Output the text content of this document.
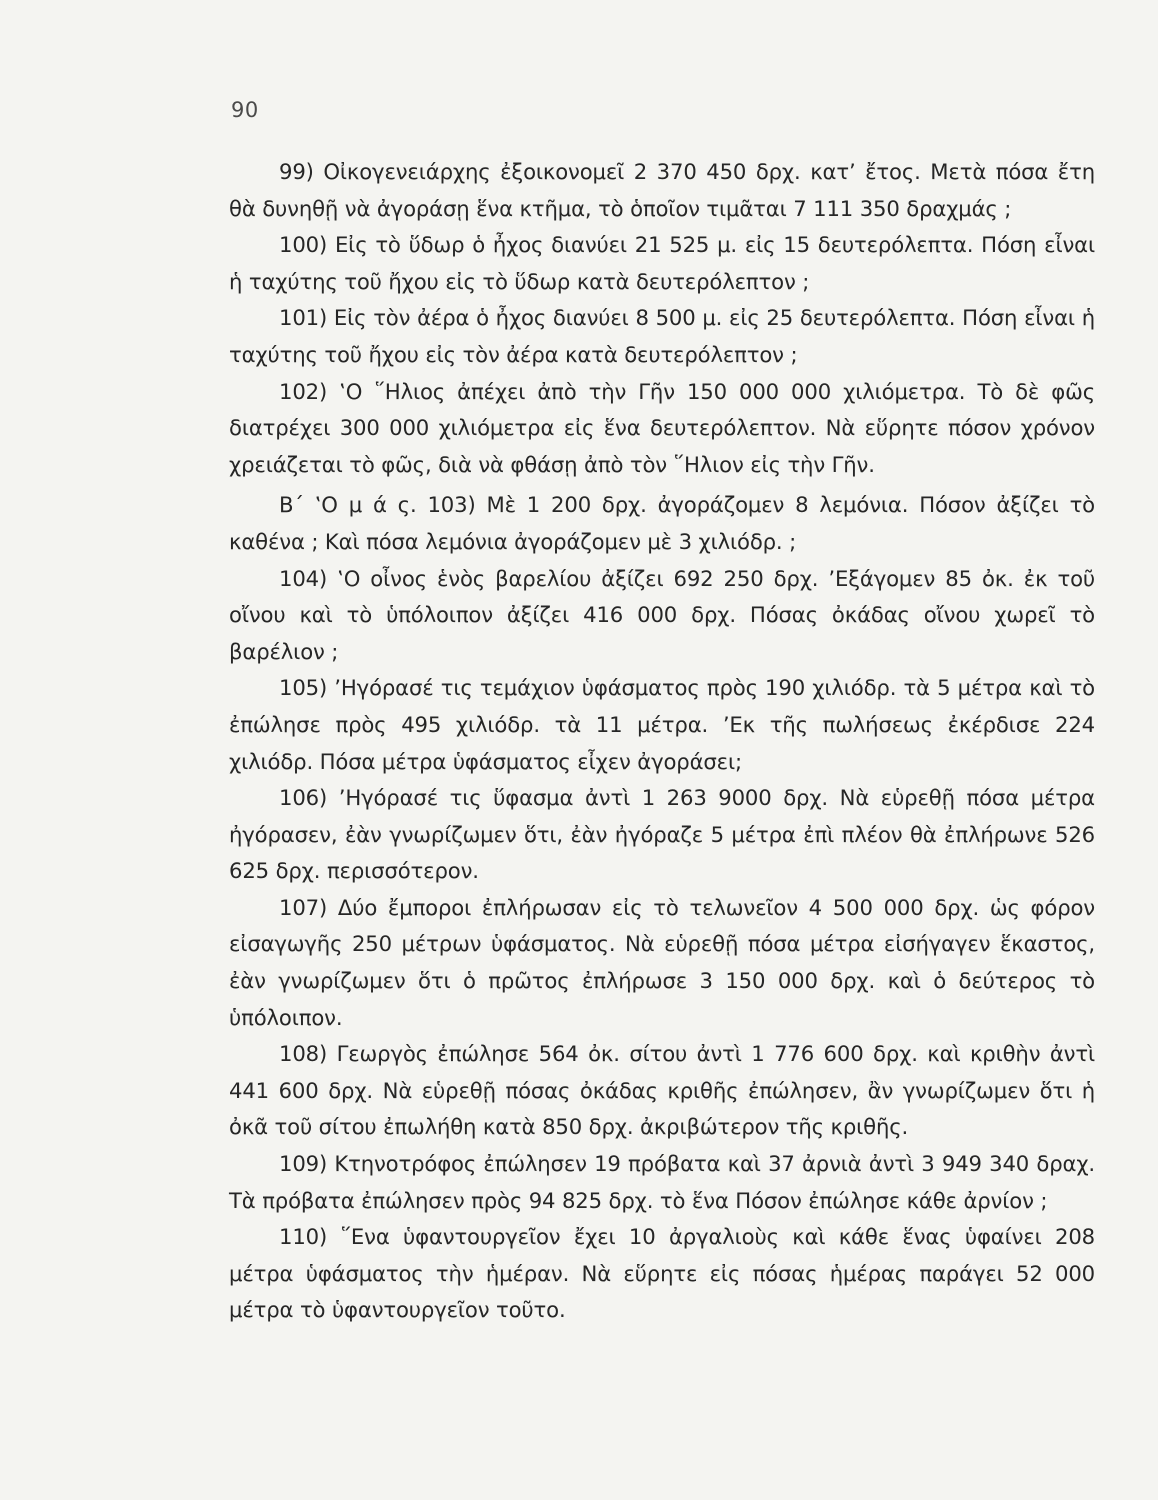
90

99) Οἰκογενειάρχης ἐξοικονομεῖ 2 370 450 δρχ. κατ’ ἔτος. Μετὰ πόσα ἔτη θὰ δυνηθῇ νὰ ἀγοράσῃ ἕνα κτῆμα, τὸ ὁποῖον τιμᾶται 7 111 350 δραχμάς ;

100) Εἰς τὸ ὕδωρ ὁ ἦχος διανύει 21 525 μ. εἰς 15 δευτερόλεπτα. Πόση εἶναι ἡ ταχύτης τοῦ ἤχου εἰς τὸ ὕδωρ κατὰ δευτερόλεπτον ;

101) Εἰς τὸν ἀέρα ὁ ἦχος διανύει 8 500 μ. εἰς 25 δευτερόλεπτα. Πόση εἶναι ἡ ταχύτης τοῦ ἤχου εἰς τὸν ἀέρα κατὰ δευτερόλεπτον ;

102) ‛Ο ῞Ηλιος ἀπέχει ἀπὸ τὴν Γῆν 150 000 000 χιλιόμετρα. Τὸ δὲ φῶς διατρέχει 300 000 χιλιόμετρα εἰς ἕνα δευτερόλεπτον. Νὰ εὕρητε πόσον χρόνον χρειάζεται τὸ φῶς, διὰ νὰ φθάσῃ ἀπὸ τὸν ῞Ηλιον εἰς τὴν Γῆν.

Β΄ ‛Ο μ ά ς. 103) Μὲ 1 200 δρχ. ἀγοράζομεν 8 λεμόνια. Πόσον ἀξίζει τὸ καθένα ; Καὶ πόσα λεμόνια ἀγοράζομεν μὲ 3 χιλιόδρ. ;

104) ‛Ο οἶνος ἑνὸς βαρελίου ἀξίζει 692 250 δρχ. ’Εξάγομεν 85 ὀκ. ἐκ τοῦ οἴνου καὶ τὸ ὑπόλοιπον ἀξίζει 416 000 δρχ. Πόσας ὀκάδας οἴνου χωρεῖ τὸ βαρέλιον ;

105) ’Ηγόρασέ τις τεμάχιον ὑφάσματος πρὸς 190 χιλιόδρ. τὰ 5 μέτρα καὶ τὸ ἐπώλησε πρὸς 495 χιλιόδρ. τὰ 11 μέτρα. ’Εκ τῆς πωλήσεως ἐκέρδισε 224 χιλιόδρ. Πόσα μέτρα ὑφάσματος εἶχεν ἀγοράσει;

106) ’Ηγόρασέ τις ὕφασμα ἀντὶ 1 263 9000 δρχ. Νὰ εὑρεθῇ πόσα μέτρα ἠγόρασεν, ἐὰν γνωρίζωμεν ὅτι, ἐὰν ἠγόραζε 5 μέτρα ἐπὶ πλέον θὰ ἐπλήρωνε 526 625 δρχ. περισσότερον.

107) Δύο ἔμποροι ἐπλήρωσαν εἰς τὸ τελωνεῖον 4 500 000 δρχ. ὡς φόρον εἰσαγωγῆς 250 μέτρων ὑφάσματος. Νὰ εὑρεθῇ πόσα μέτρα εἰσήγαγεν ἕκαστος, ἐὰν γνωρίζωμεν ὅτι ὁ πρῶτος ἐπλήρωσε 3 150 000 δρχ. καὶ ὁ δεύτερος τὸ ὑπόλοιπον.

108) Γεωργὸς ἐπώλησε 564 ὀκ. σίτου ἀντὶ 1 776 600 δρχ. καὶ κριθὴν ἀντὶ 441 600 δρχ. Νὰ εὑρεθῇ πόσας ὀκάδας κριθῆς ἐπώλησεν, ἂν γνωρίζωμεν ὅτι ἡ ὀκᾶ τοῦ σίτου ἐπωλήθη κατὰ 850 δρχ. ἀκριβώτερον τῆς κριθῆς.

109) Κτηνοτρόφος ἐπώλησεν 19 πρόβατα καὶ 37 ἀρνιὰ ἀντὶ 3 949 340 δραχ. Τὰ πρόβατα ἐπώλησεν πρὸς 94 825 δρχ. τὸ ἕνα Πόσον ἐπώλησε κάθε ἀρνίον ;

110) ῞Ενα ὑφαντουργεῖον ἔχει 10 ἀργαλιοὺς καὶ κάθε ἕνας ὑφαίνει 208 μέτρα ὑφάσματος τὴν ἡμέραν. Νὰ εὕρητε εἰς πόσας ἡμέρας παράγει 52 000 μέτρα τὸ ὑφαντουργεῖον τοῦτο.
